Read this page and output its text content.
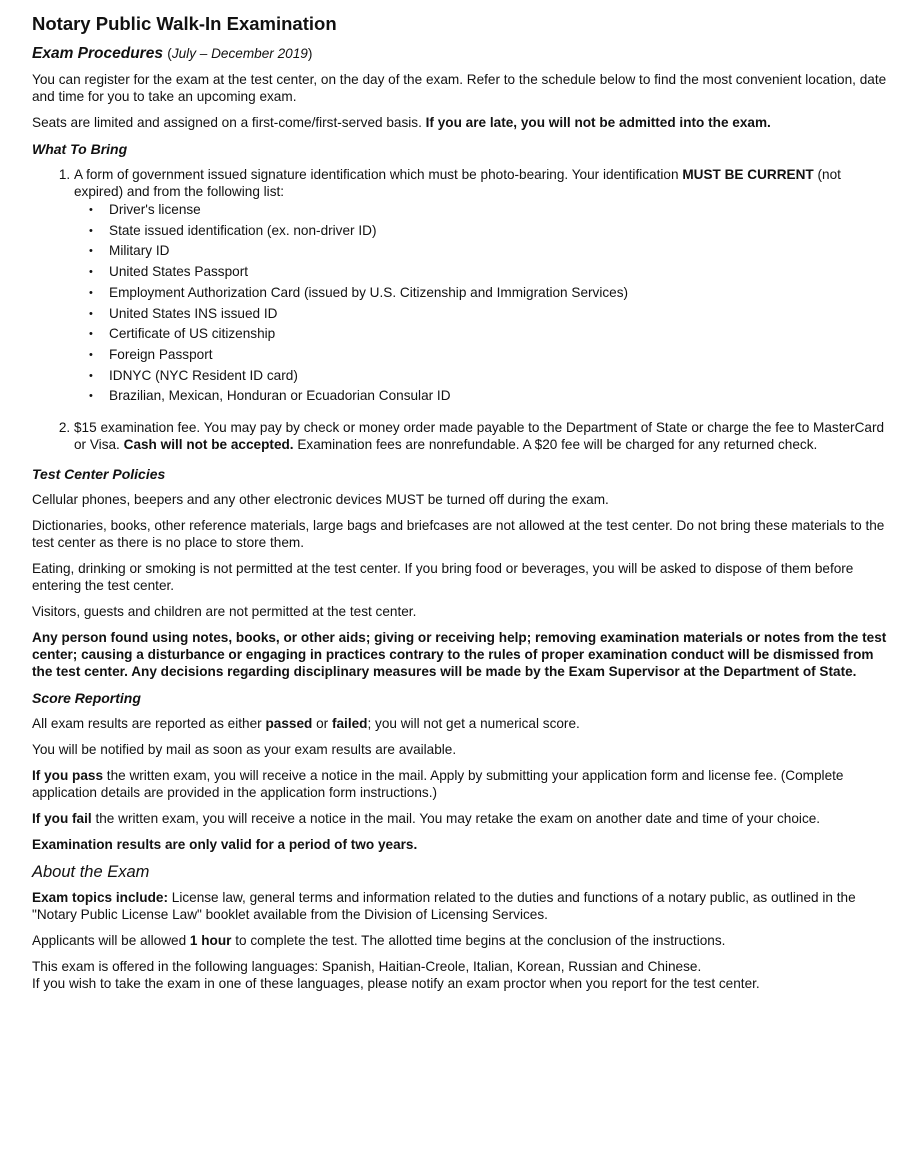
Notary Public Walk-In Examination
Exam Procedures (July – December 2019)

You can register for the exam at the test center, on the day of the exam. Refer to the schedule below to find the most convenient location, date and time for you to take an upcoming exam.

Seats are limited and assigned on a first-come/first-served basis. If you are late, you will not be admitted into the exam.

What To Bring
1. A form of government issued signature identification which must be photo-bearing. Your identification MUST BE CURRENT (not expired) and from the following list:
• Driver's license
• State issued identification (ex. non-driver ID)
• Military ID
• United States Passport
• Employment Authorization Card (issued by U.S. Citizenship and Immigration Services)
• United States INS issued ID
• Certificate of US citizenship
• Foreign Passport
• IDNYC (NYC Resident ID card)
• Brazilian, Mexican, Honduran or Ecuadorian Consular ID
2. $15 examination fee. You may pay by check or money order made payable to the Department of State or charge the fee to MasterCard or Visa. Cash will not be accepted. Examination fees are nonrefundable. A $20 fee will be charged for any returned check.
Test Center Policies

Cellular phones, beepers and any other electronic devices MUST be turned off during the exam.

Dictionaries, books, other reference materials, large bags and briefcases are not allowed at the test center. Do not bring these materials to the test center as there is no place to store them.

Eating, drinking or smoking is not permitted at the test center. If you bring food or beverages, you will be asked to dispose of them before entering the test center.

Visitors, guests and children are not permitted at the test center.

Any person found using notes, books, or other aids; giving or receiving help; removing examination materials or notes from the test center; causing a disturbance or engaging in practices contrary to the rules of proper examination conduct will be dismissed from the test center. Any decisions regarding disciplinary measures will be made by the Exam Supervisor at the Department of State.

Score Reporting

All exam results are reported as either passed or failed; you will not get a numerical score.

You will be notified by mail as soon as your exam results are available.

If you pass the written exam, you will receive a notice in the mail. Apply by submitting your application form and license fee. (Complete application details are provided in the application form instructions.)

If you fail the written exam, you will receive a notice in the mail. You may retake the exam on another date and time of your choice.

Examination results are only valid for a period of two years.

About the Exam

Exam topics include: License law, general terms and information related to the duties and functions of a notary public, as outlined in the "Notary Public License Law" booklet available from the Division of Licensing Services.

Applicants will be allowed 1 hour to complete the test. The allotted time begins at the conclusion of the instructions.

This exam is offered in the following languages: Spanish, Haitian-Creole, Italian, Korean, Russian and Chinese.
If you wish to take the exam in one of these languages, please notify an exam proctor when you report for the test center.
